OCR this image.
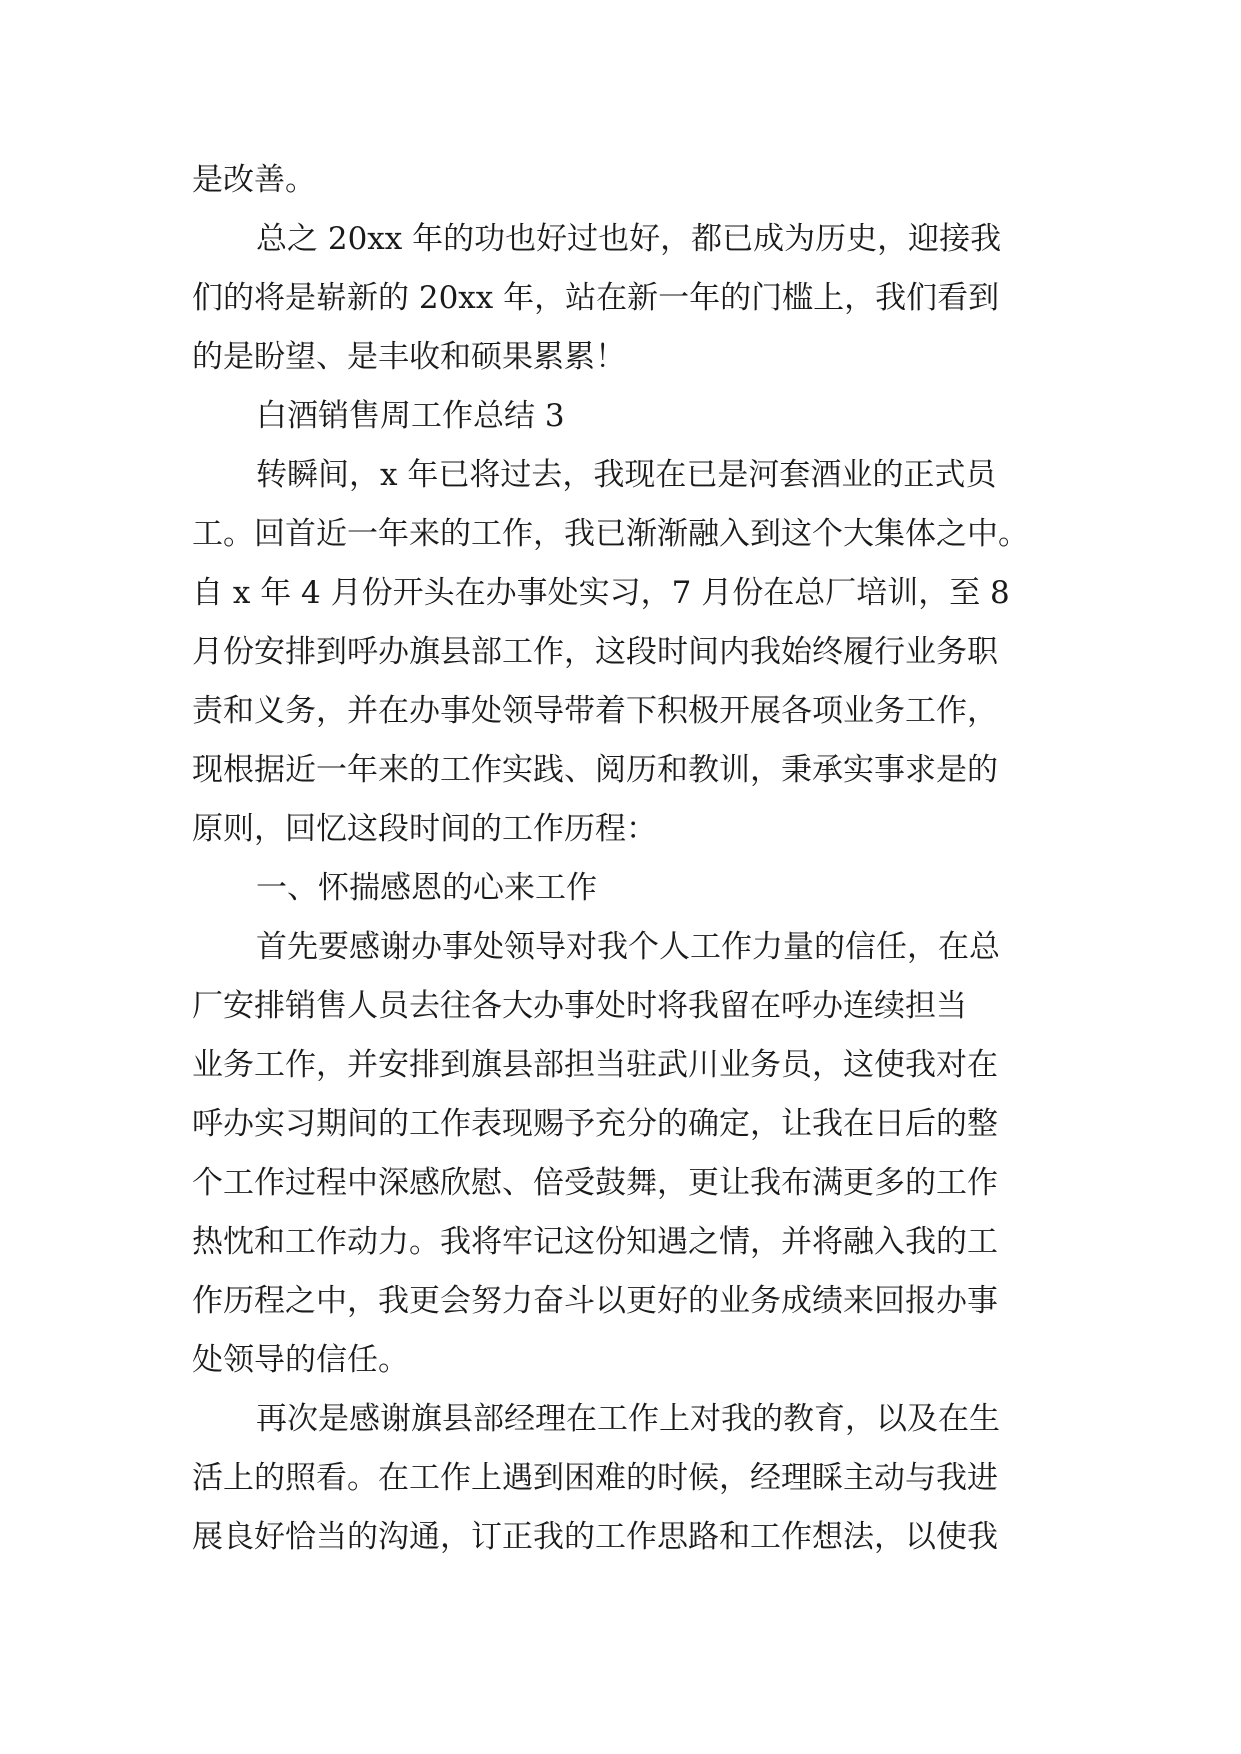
是改善。
总之 20xx 年的功也好过也好，都已成为历史，迎接我
们的将是崭新的 20xx 年，站在新一年的门槛上，我们看到
的是盼望、是丰收和硕果累累！
白酒销售周工作总结 3
转瞬间，x 年已将过去，我现在已是河套酒业的正式员
工。回首近一年来的工作，我已渐渐融入到这个大集体之中。
自 x 年 4 月份开头在办事处实习，7 月份在总厂培训，至 8
月份安排到呼办旗县部工作，这段时间内我始终履行业务职
责和义务，并在办事处领导带着下积极开展各项业务工作，
现根据近一年来的工作实践、阅历和教训，秉承实事求是的
原则，回忆这段时间的工作历程：
一、怀揣感恩的心来工作
首先要感谢办事处领导对我个人工作力量的信任，在总
厂安排销售人员去往各大办事处时将我留在呼办连续担当
业务工作，并安排到旗县部担当驻武川业务员，这使我对在
呼办实习期间的工作表现赐予充分的确定，让我在日后的整
个工作过程中深感欣慰、倍受鼓舞，更让我布满更多的工作
热忱和工作动力。我将牢记这份知遇之情，并将融入我的工
作历程之中，我更会努力奋斗以更好的业务成绩来回报办事
处领导的信任。
再次是感谢旗县部经理在工作上对我的教育，以及在生
活上的照看。在工作上遇到困难的时候，经理睬主动与我进
展良好恰当的沟通，订正我的工作思路和工作想法，以使我
